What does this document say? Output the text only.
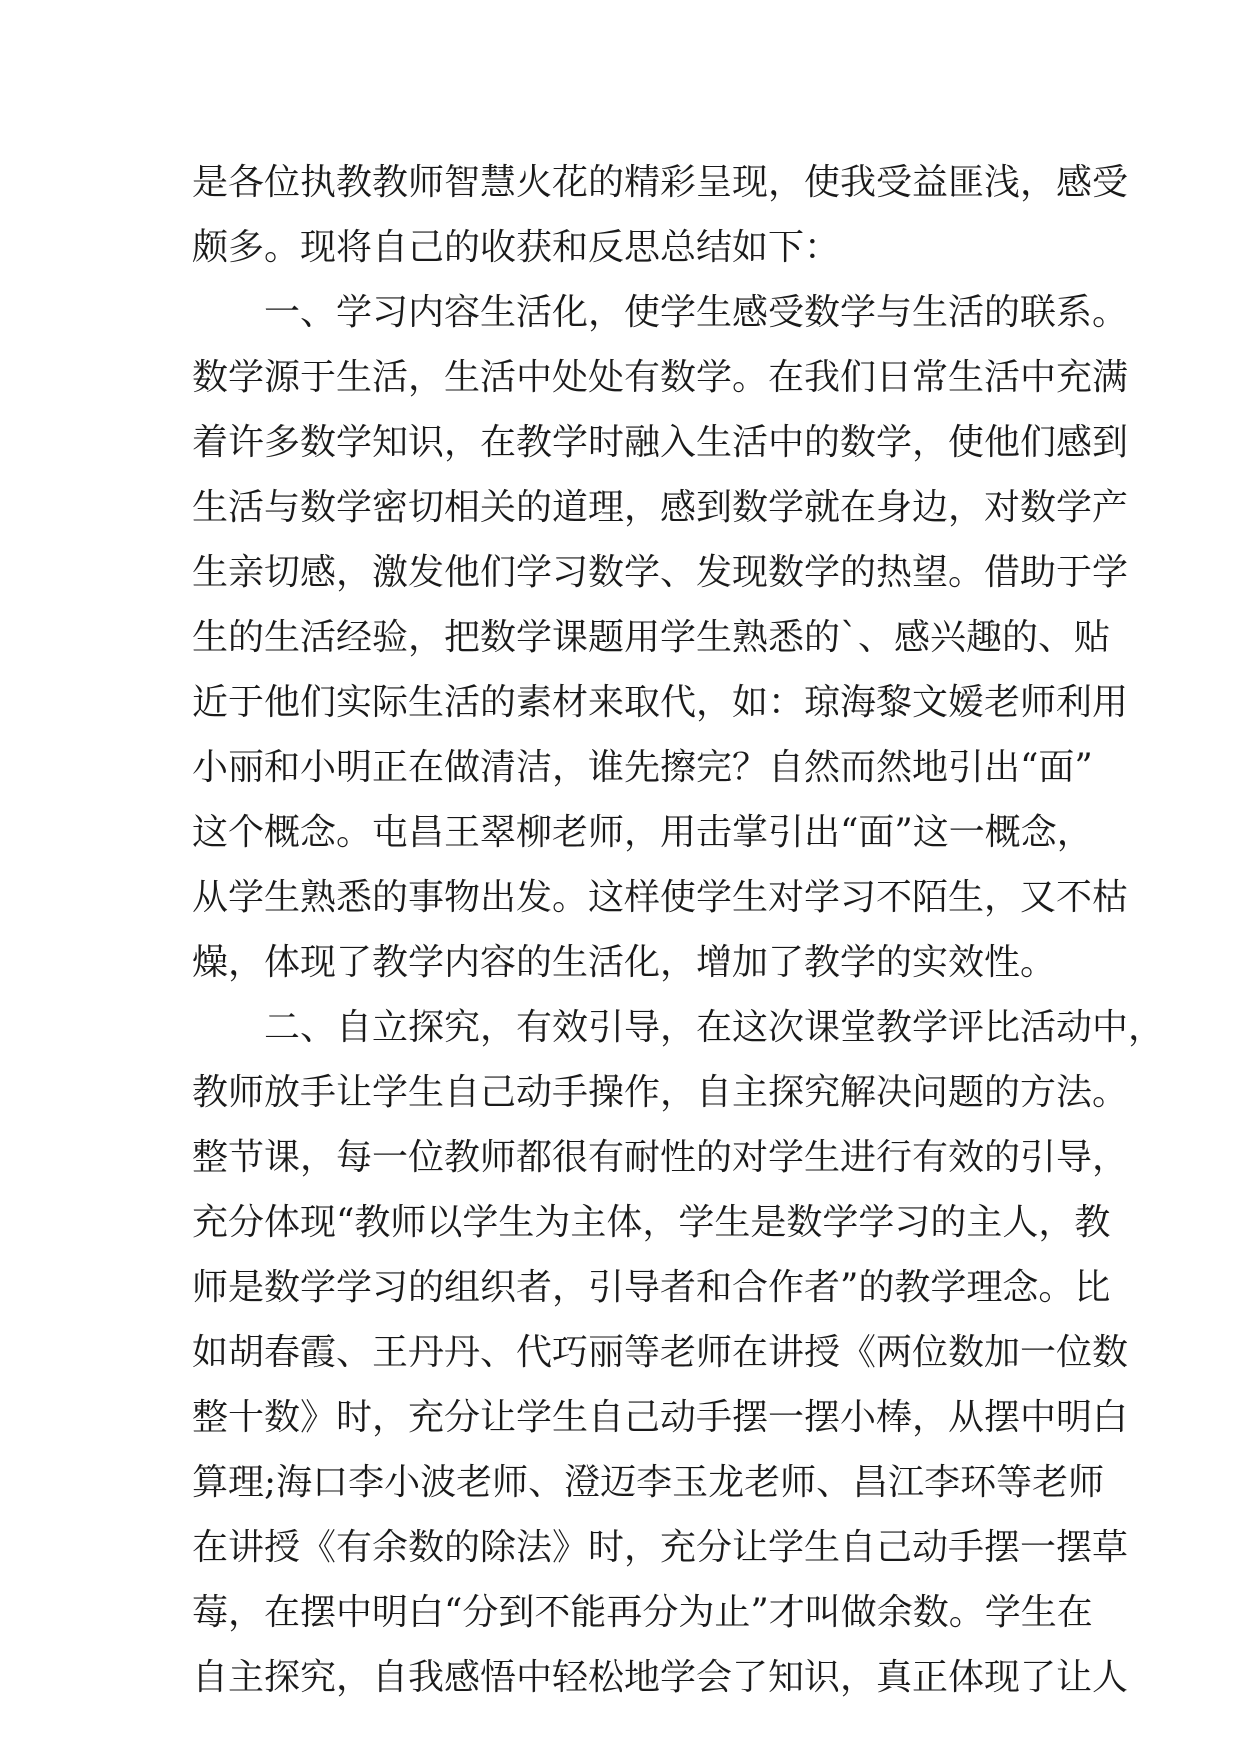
是各位执教教师智慧火花的精彩呈现，使我受益匪浅，感受
颇多。现将自己的收获和反思总结如下：
一、学习内容生活化，使学生感受数学与生活的联系。
数学源于生活，生活中处处有数学。在我们日常生活中充满
着许多数学知识，在教学时融入生活中的数学，使他们感到
生活与数学密切相关的道理，感到数学就在身边，对数学产
生亲切感，激发他们学习数学、发现数学的热望。借助于学
生的生活经验，把数学课题用学生熟悉的`、感兴趣的、贴
近于他们实际生活的素材来取代，如：琼海黎文嫒老师利用
小丽和小明正在做清洁，谁先擦完？自然而然地引出“面”
这个概念。屯昌王翠柳老师，用击掌引出“面”这一概念，
从学生熟悉的事物出发。这样使学生对学习不陌生，又不枯
燥，体现了教学内容的生活化，增加了教学的实效性。
二、自立探究，有效引导，在这次课堂教学评比活动中，
教师放手让学生自己动手操作，自主探究解决问题的方法。
整节课，每一位教师都很有耐性的对学生进行有效的引导，
充分体现“教师以学生为主体，学生是数学学习的主人，教
师是数学学习的组织者，引导者和合作者”的教学理念。比
如胡春霞、王丹丹、代巧丽等老师在讲授《两位数加一位数
整十数》时，充分让学生自己动手摆一摆小棒，从摆中明白
算理;海口李小波老师、澄迈李玉龙老师、昌江李环等老师
在讲授《有余数的除法》时，充分让学生自己动手摆一摆草
莓，在摆中明白“分到不能再分为止”才叫做余数。学生在
自主探究，自我感悟中轻松地学会了知识，真正体现了让人
